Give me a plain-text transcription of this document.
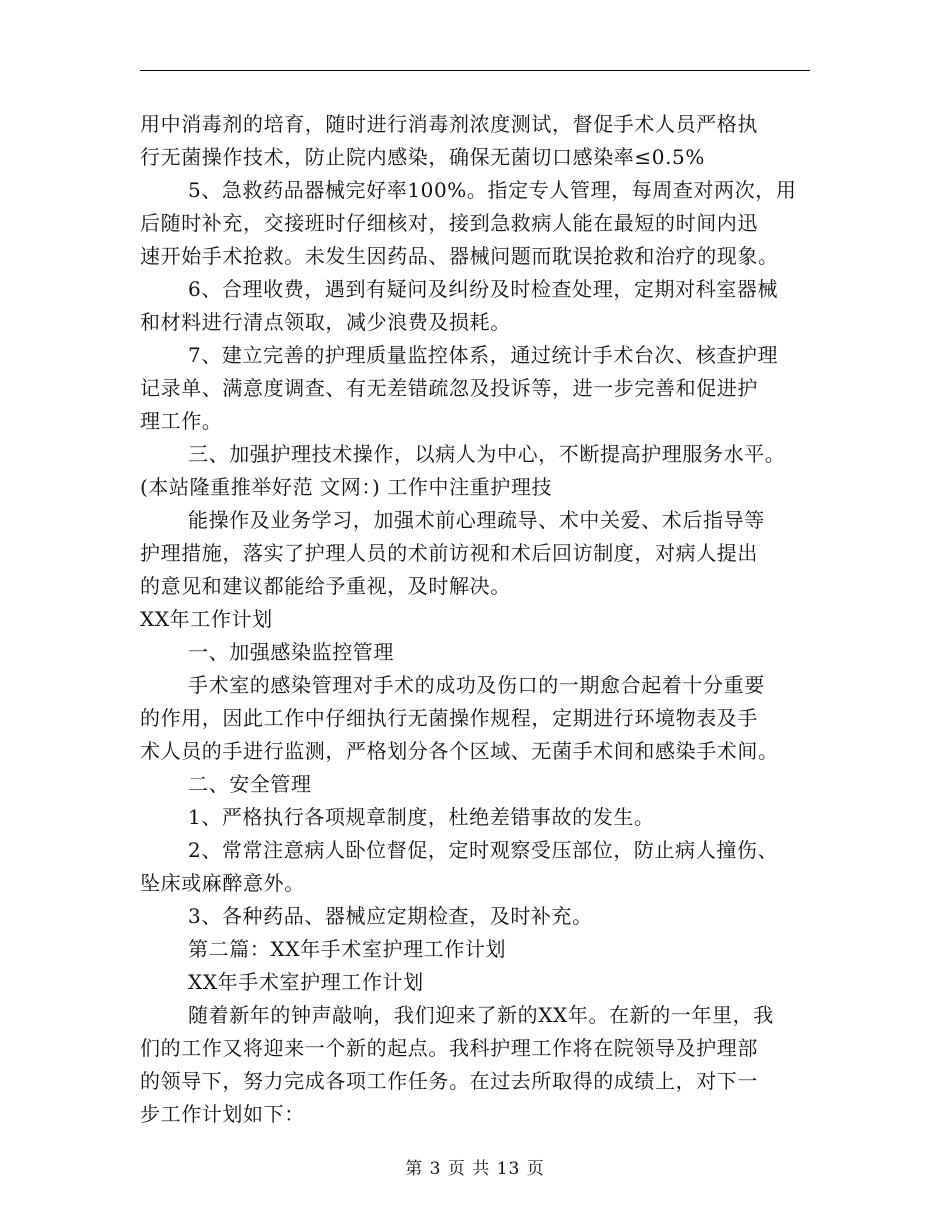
用中消毒剂的培育，随时进行消毒剂浓度测试，督促手术人员严格执
行无菌操作技术，防止院内感染，确保无菌切口感染率≤0.5%
5、急救药品器械完好率100%。指定专人管理，每周查对两次，用
后随时补充，交接班时仔细核对，接到急救病人能在最短的时间内迅
速开始手术抢救。未发生因药品、器械问题而耽误抢救和治疗的现象。
6、合理收费，遇到有疑问及纠纷及时检查处理，定期对科室器械
和材料进行清点领取，减少浪费及损耗。
7、建立完善的护理质量监控体系，通过统计手术台次、核查护理
记录单、满意度调查、有无差错疏忽及投诉等，进一步完善和促进护
理工作。
三、加强护理技术操作，以病人为中心，不断提高护理服务水平。
(本站隆重推举好范 文网：) 工作中注重护理技
能操作及业务学习，加强术前心理疏导、术中关爱、术后指导等
护理措施，落实了护理人员的术前访视和术后回访制度，对病人提出
的意见和建议都能给予重视，及时解决。
XX年工作计划
一、加强感染监控管理
手术室的感染管理对手术的成功及伤口的一期愈合起着十分重要
的作用，因此工作中仔细执行无菌操作规程，定期进行环境物表及手
术人员的手进行监测，严格划分各个区域、无菌手术间和感染手术间。
二、安全管理
1、严格执行各项规章制度，杜绝差错事故的发生。
2、常常注意病人卧位督促，定时观察受压部位，防止病人撞伤、
坠床或麻醉意外。
3、各种药品、器械应定期检查，及时补充。
第二篇：XX年手术室护理工作计划
XX年手术室护理工作计划
随着新年的钟声敲响，我们迎来了新的XX年。在新的一年里，我
们的工作又将迎来一个新的起点。我科护理工作将在院领导及护理部
的领导下，努力完成各项工作任务。在过去所取得的成绩上，对下一
步工作计划如下：
第 3 页 共 13 页
